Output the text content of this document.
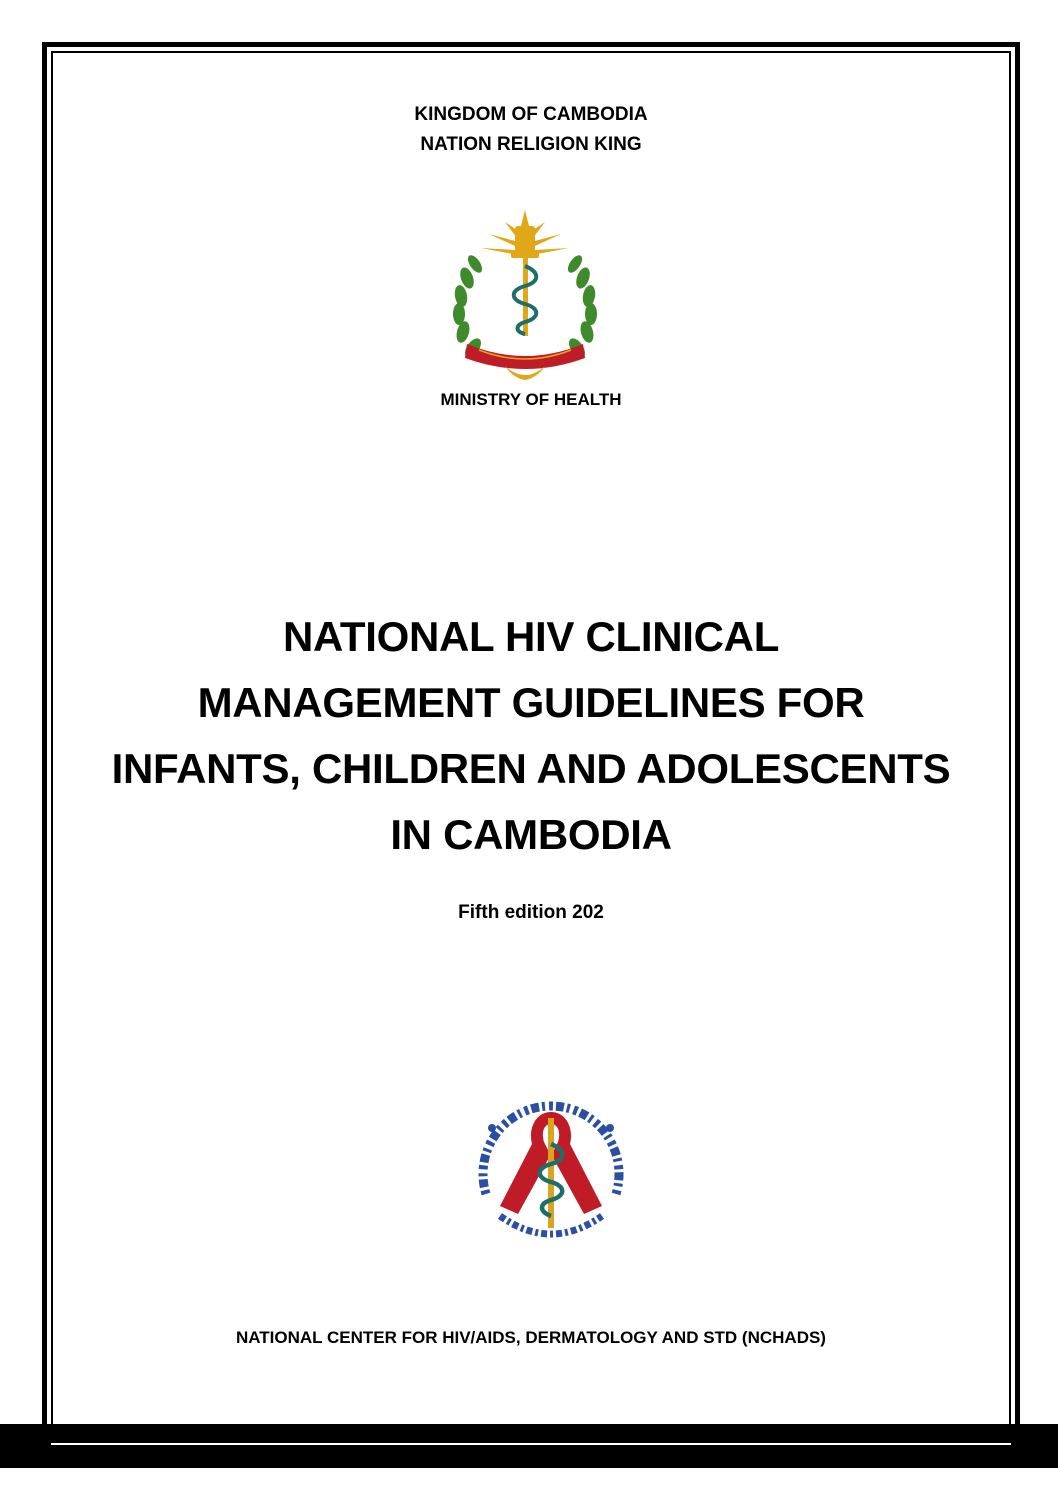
KINGDOM OF CAMBODIA
NATION RELIGION KING
MINISTRY OF HEALTH
NATIONAL HIV CLINICAL
MANAGEMENT GUIDELINES FOR
INFANTS, CHILDREN AND ADOLESCENTS
IN CAMBODIA
Fifth edition 202
NATIONAL CENTER FOR HIV/AIDS, DERMATOLOGY AND STD (NCHADS)
